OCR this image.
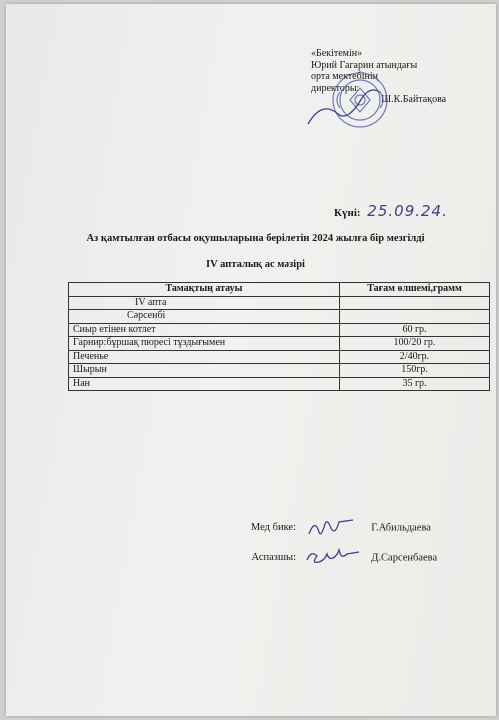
«Бекітемін»
Юрий Гагарин атындағы
орта мектебінің
директоры:
Ш.К.Байтақова
Күні: 25.09.24.
Аз қамтылған отбасы оқушыларына берілетін 2024 жылға бір мезгілді
IV апталық ас мәзірі
Тамақтың атауы	Тағам өлшемі,грамм
IV апта	
Сәрсенбі	
Сиыр етінен котлет	60 гр.
Гарнир:бұршақ пюресі тұздығымен	100/20 гр.
Печенье	2/40гр.
Шырын	150гр.
Нан	35 гр.
Мед бике:	Г.Абильдаева
Аспазшы:	Д.Сарсенбаева
